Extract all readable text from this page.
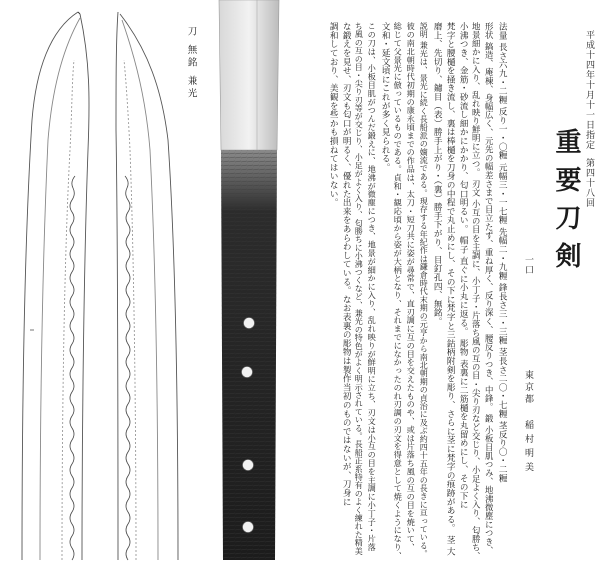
刀 無銘 兼光	平成十四年十月十一日指定
第四十八回
重要刀剣
一口
東京都
稲村明美
法量 長さ六九・二糎 反り一・〇糎 元幅三・一七糎 先幅二・九糎 鋒長さ三・三糎 茎長さ二〇・七糎 茎反り〇・二糎
形状 鎬造、庵棟、身幅広く、元先の幅差さまで目立たず、重ね厚く、反り深く、腰反りつき、中鋒。 鍛 小板目肌つみ、地沸微塵につき、
地景細かに入り、乱れ映り鮮明に立つ。 刃文 小互の目を主調に、小丁子・片落ち風の互の目・尖り刃など交じり、小足よく入り、匂勝ち、
小沸つき、金筋・砂流し細かにかかり、匂口明るい。 帽子 直ぐに小丸に返る。 彫物 表裏に二筋樋を丸留めにし、その下に
梵字と腰樋を掻き流し、裏は棒樋を刀身の中程で丸止めにし、その下に梵字と三鈷柄附剣を彫り、さらに茎に梵字の痕跡がある。 茎 大
磨上、先切り、鑢目（表）勝手上がり・（裏）勝手下がり、目釘孔四、無銘。
説明 兼光は、景光に続く長船派の嫡流である。現存する年紀作は鎌倉時代末期の元亨から南北朝期の貞治に及ぶ約四十五年の長きに亘っている。
彼の南北朝時代初期の康永頃までの作品は、太刀・短刀共に姿が尋常で、直刃調に互の目を交えたものや、或は片落ち風の互の目を焼いて、
総じて父景光に倣っているものである。貞和・観応頃から姿が大柄となり、それまでになかったのれ刃調の刃文を得意として焼くようになり、
文和・延文頃にこれが多く見られる。
この刀は、小板目肌がつんだ鍛えに、地沸が微塵につき、地景が細かに入り、乱れ映りが鮮明に立ち、刃文は小互の目を主調に小丁子・片落
ち風の互の目・尖り刃等が交じり、小足がよく入り、匂勝ちに小沸つくなど、兼光の特色がよく明示されている。長船正系特有のよく練れた精美
な鍛えを見せ、刃文も匂口が明るく、優れた出来をあらわしている。なお表裏の彫物は製作当初のものではないが、刀身に
調和しており、美観を些かも損ねてはいない。
